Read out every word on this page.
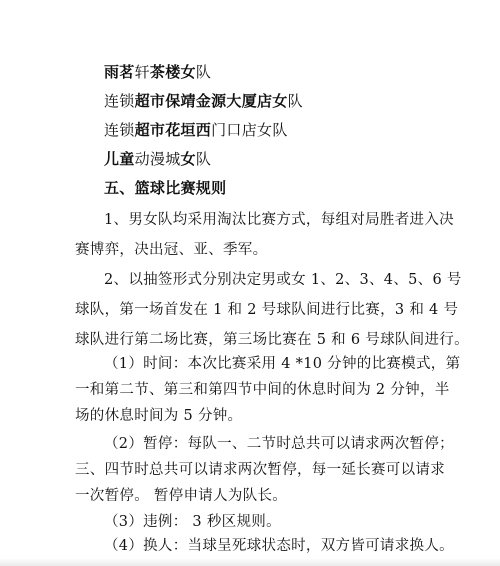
雨茗轩茶楼女队
连锁超市保靖金源大厦店女队
连锁超市花垣西门口店女队
儿童动漫城女队
五、篮球比赛规则
1、男女队均采用淘汰比赛方式，每组对局胜者进入决
赛博弈，决出冠、亚、季军。
2、以抽签形式分别决定男或女 1、2、3、4、5、6 号
球队，第一场首发在 1 和 2 号球队间进行比赛，3 和 4 号
球队进行第二场比赛，第三场比赛在 5 和 6 号球队间进行。
（1）时间：本次比赛采用 4 *10 分钟的比赛模式，第
一和第二节、第三和第四节中间的休息时间为 2 分钟，半
场的休息时间为 5 分钟。
（2）暂停：每队一、二节时总共可以请求两次暂停；
三、四节时总共可以请求两次暂停，每一延长赛可以请求
一次暂停。 暂停申请人为队长。
（3）违例： 3 秒区规则。
（4）换人：当球呈死球状态时，双方皆可请求换人。
